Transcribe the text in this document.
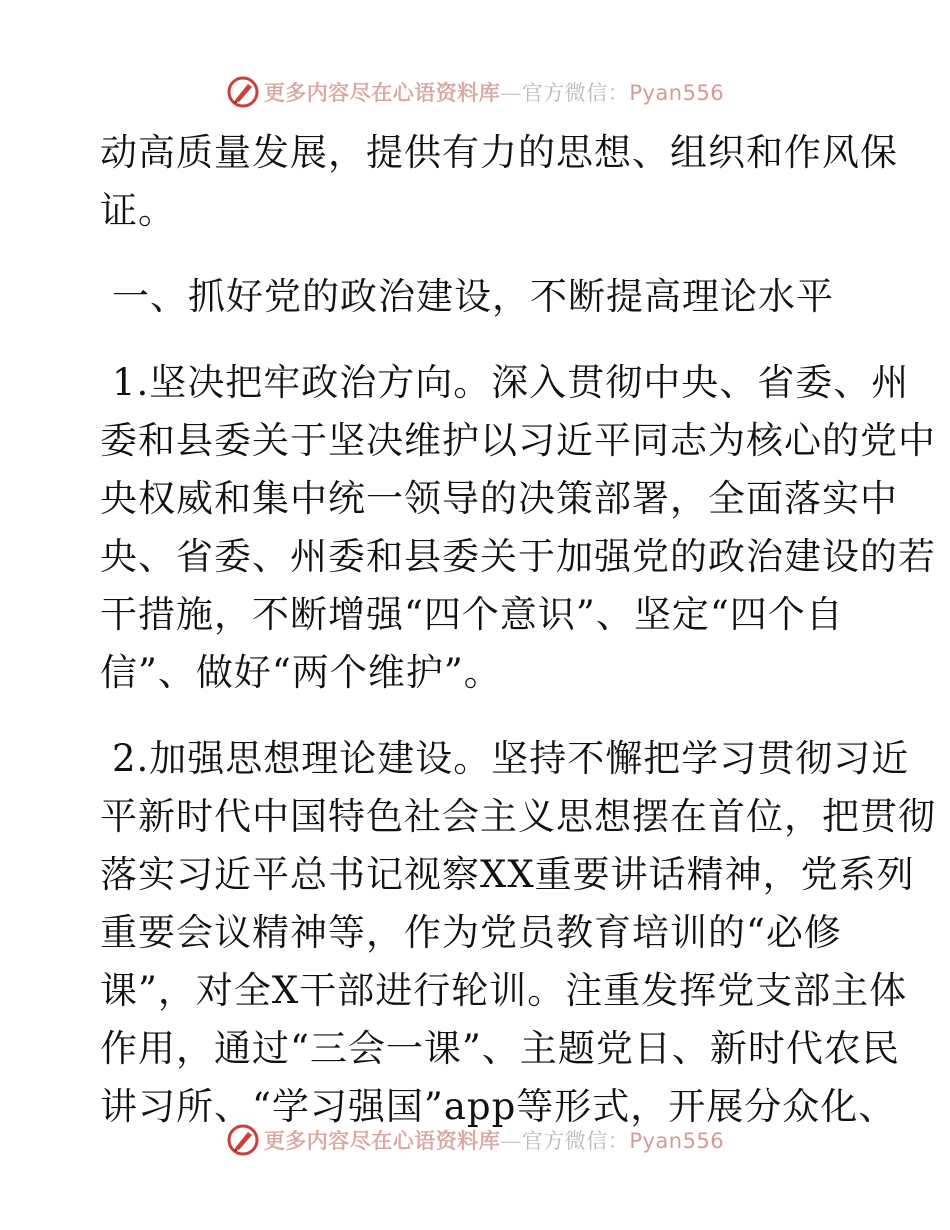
更多内容尽在心语资料库—官方微信：Pyan556
动高质量发展，提供有力的思想、组织和作风保
证。
一、抓好党的政治建设，不断提高理论水平
1.坚决把牢政治方向。深入贯彻中央、省委、州
委和县委关于坚决维护以习近平同志为核心的党中
央权威和集中统一领导的决策部署，全面落实中
央、省委、州委和县委关于加强党的政治建设的若
干措施，不断增强“四个意识”、坚定“四个自
信”、做好“两个维护”。
2.加强思想理论建设。坚持不懈把学习贯彻习近
平新时代中国特色社会主义思想摆在首位，把贯彻
落实习近平总书记视察XX重要讲话精神，党系列
重要会议精神等，作为党员教育培训的“必修
课”，对全X干部进行轮训。注重发挥党支部主体
作用，通过“三会一课”、主题党日、新时代农民
讲习所、“学习强国”app等形式，开展分众化、
更多内容尽在心语资料库—官方微信：Pyan556
